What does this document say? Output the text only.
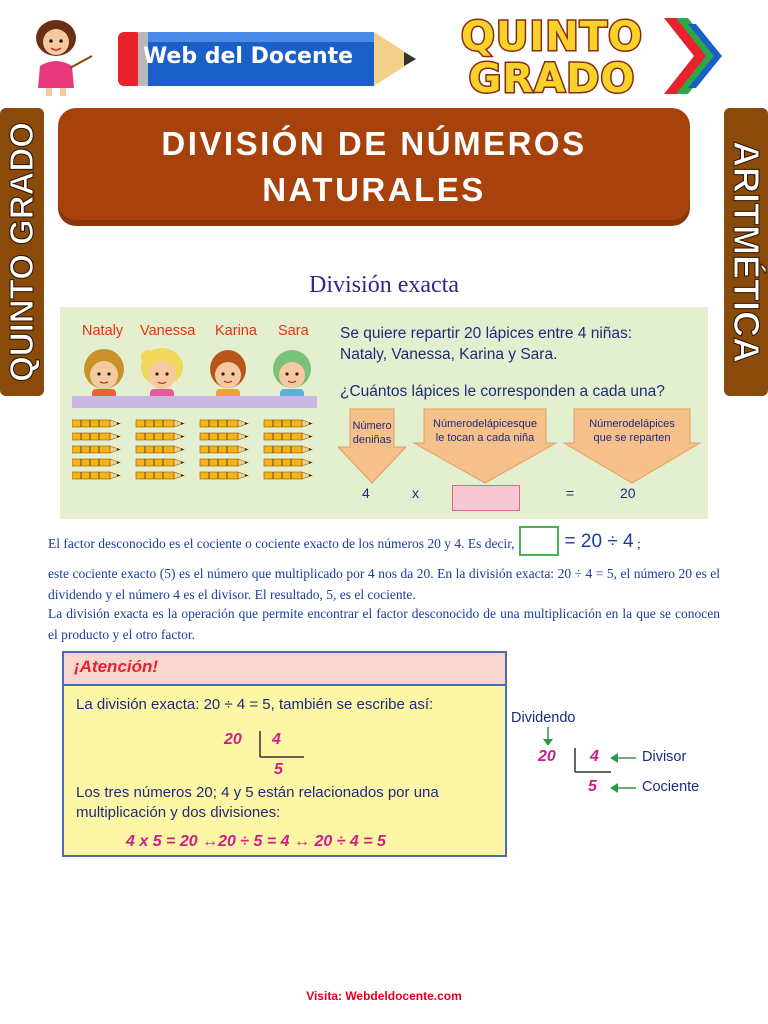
Web del Docente	QUINTO
GRADO
QUINTO GRADO	ARITMÉTICA
DIVISIÓN DE NÚMEROS
NATURALES
División exacta
Nataly Vanessa Karina Sara Se quiere repartir 20 lápices entre 4 niñas:
Nataly, Vanessa, Karina y Sara.
¿Cuántos lápices le corresponden a cada una?
Número
deniñas
Númerodelápicesque
le tocan a cada niña
Númerodelápices
que se reparten
4	x	=	20
El factor desconocido es el cociente o cociente exacto de los números 20 y 4. Es decir,	= 20 ÷ 4 ;
este cociente exacto (5) es el número que multiplicado por 4 nos da 20. En la división exacta: 20 ÷ 4 = 5, el número 20 es el dividendo y el número 4 es el divisor. El resultado, 5, es el cociente.
La división exacta es la operación que permite encontrar el factor desconocido de una multiplicación en la que se conocen el producto y el otro factor.
¡Atención!
La división exacta: 20 ÷ 4 = 5, también se escribe así:
20 4
5
Los tres números 20; 4 y 5 están relacionados por una
multiplicación y dos divisiones:
4 x 5 = 20 ↔20 ÷ 5 = 4 ↔ 20 ÷ 4 = 5
Dividendo
20 4	Divisor
5	Cociente
Visita: Webdeldocente.com
